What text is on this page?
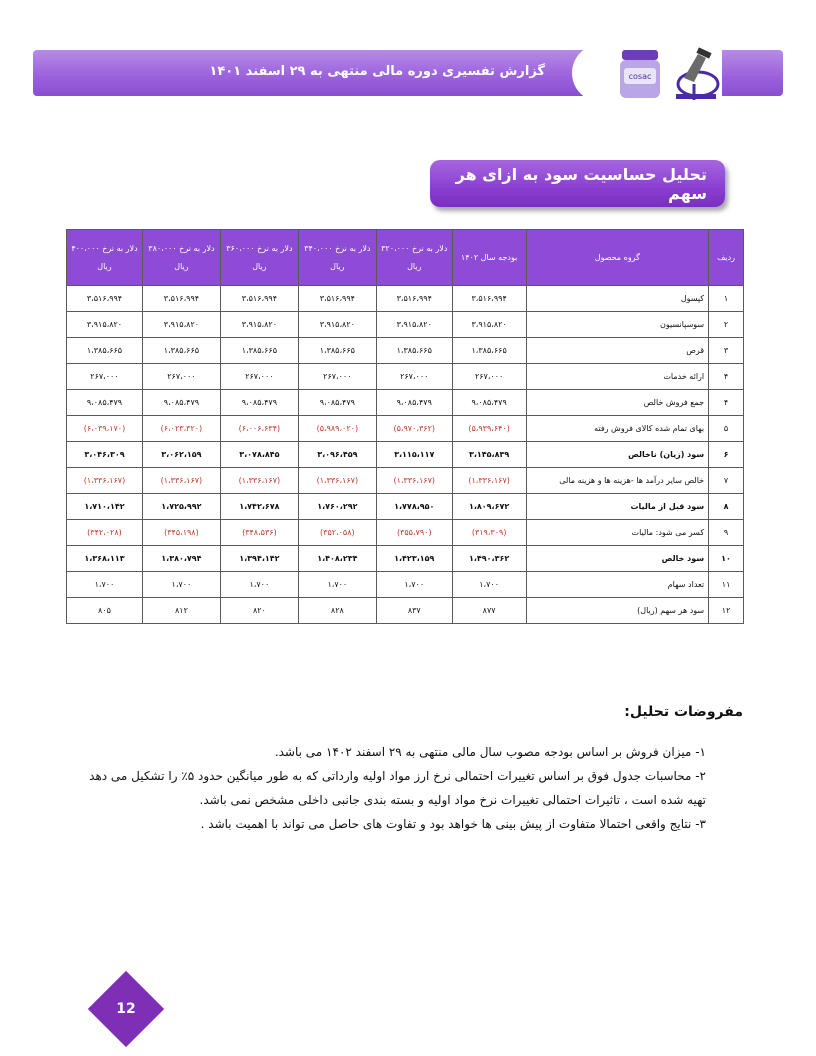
گزارش تفسیری دوره مالی منتهی به ۲۹ اسفند ۱۴۰۱	cosac
تحلیل حساسیت سود به ازای هر سهم
ردیف	گروه محصول	بودجه سال ۱۴۰۲	دلار به نرخ ۳۲۰،۰۰۰ ریال	دلار به نرخ ۳۴۰،۰۰۰ ریال	دلار به نرخ ۳۶۰،۰۰۰ ریال	دلار به نرخ ۳۸۰،۰۰۰ ریال	دلار به نرخ ۴۰۰،۰۰۰ ریال
۱	کپسول	۳،۵۱۶،۹۹۴	۳،۵۱۶،۹۹۴	۳،۵۱۶،۹۹۴	۳،۵۱۶،۹۹۴	۳،۵۱۶،۹۹۴	۳،۵۱۶،۹۹۴
۲	سوسپانسیون	۳،۹۱۵،۸۲۰	۳،۹۱۵،۸۲۰	۳،۹۱۵،۸۲۰	۳،۹۱۵،۸۲۰	۳،۹۱۵،۸۲۰	۳،۹۱۵،۸۲۰
۳	قرص	۱،۳۸۵،۶۶۵	۱،۳۸۵،۶۶۵	۱،۳۸۵،۶۶۵	۱،۳۸۵،۶۶۵	۱،۳۸۵،۶۶۵	۱،۳۸۵،۶۶۵
۴	ارائه خدمات	۲۶۷،۰۰۰	۲۶۷،۰۰۰	۲۶۷،۰۰۰	۲۶۷،۰۰۰	۲۶۷،۰۰۰	۲۶۷،۰۰۰
۴	جمع فروش خالص	۹،۰۸۵،۴۷۹	۹،۰۸۵،۴۷۹	۹،۰۸۵،۴۷۹	۹،۰۸۵،۴۷۹	۹،۰۸۵،۴۷۹	۹،۰۸۵،۴۷۹
۵	بهای تمام شده کالای فروش رفته	(۵،۹۳۹،۶۴۰)	(۵،۹۷۰،۳۶۲)	(۵،۹۸۹،۰۲۰)	(۶،۰۰۶،۶۳۴)	(۶،۰۲۳،۳۲۰)	(۶،۰۳۹،۱۷۰)
۶	سود (زیان) ناخالص	۳،۱۴۵،۸۳۹	۳،۱۱۵،۱۱۷	۳،۰۹۶،۴۵۹	۳،۰۷۸،۸۴۵	۳،۰۶۲،۱۵۹	۳،۰۴۶،۳۰۹
۷	خالص سایر درآمد ها -هزینه ها و هزینه مالی	(۱،۳۳۶،۱۶۷)	(۱،۳۳۶،۱۶۷)	(۱،۳۳۶،۱۶۷)	(۱،۳۳۶،۱۶۷)	(۱،۳۳۶،۱۶۷)	(۱،۳۳۶،۱۶۷)
۸	سود قبل از مالیات	۱،۸۰۹،۶۷۲	۱،۷۷۸،۹۵۰	۱،۷۶۰،۲۹۲	۱،۷۴۲،۶۷۸	۱،۷۲۵،۹۹۲	۱،۷۱۰،۱۴۲
۹	کسر می شود: مالیات	(۳۱۹،۳۰۹)	(۳۵۵،۷۹۰)	(۳۵۲،۰۵۸)	(۳۴۸،۵۳۶)	(۳۴۵،۱۹۸)	(۳۴۲،۰۲۸)
۱۰	سود خالص	۱،۴۹۰،۳۶۲	۱،۴۲۳،۱۵۹	۱،۴۰۸،۲۳۴	۱،۳۹۴،۱۴۲	۱،۳۸۰،۷۹۴	۱،۳۶۸،۱۱۳
۱۱	تعداد سهام	۱،۷۰۰	۱،۷۰۰	۱،۷۰۰	۱،۷۰۰	۱،۷۰۰	۱،۷۰۰
۱۲	سود هر سهم (ریال)	۸۷۷	۸۳۷	۸۲۸	۸۲۰	۸۱۲	۸۰۵
مفروضات تحلیل:
۱- میزان فروش بر اساس بودجه مصوب سال مالی منتهی به ۲۹ اسفند ۱۴۰۲ می باشد.
۲- محاسبات جدول فوق بر اساس تغییرات احتمالی نرخ ارز مواد اولیه وارداتی که به طور میانگین حدود ۵٪ را تشکیل می دهد تهیه شده است ، تاثیرات احتمالی تغییرات نرخ مواد اولیه و بسته بندی جانبی داخلی مشخص نمی باشد.
۳- نتایج واقعی احتمالا متفاوت از پیش بینی ها خواهد بود و تفاوت های حاصل می تواند با اهمیت باشد .
12
